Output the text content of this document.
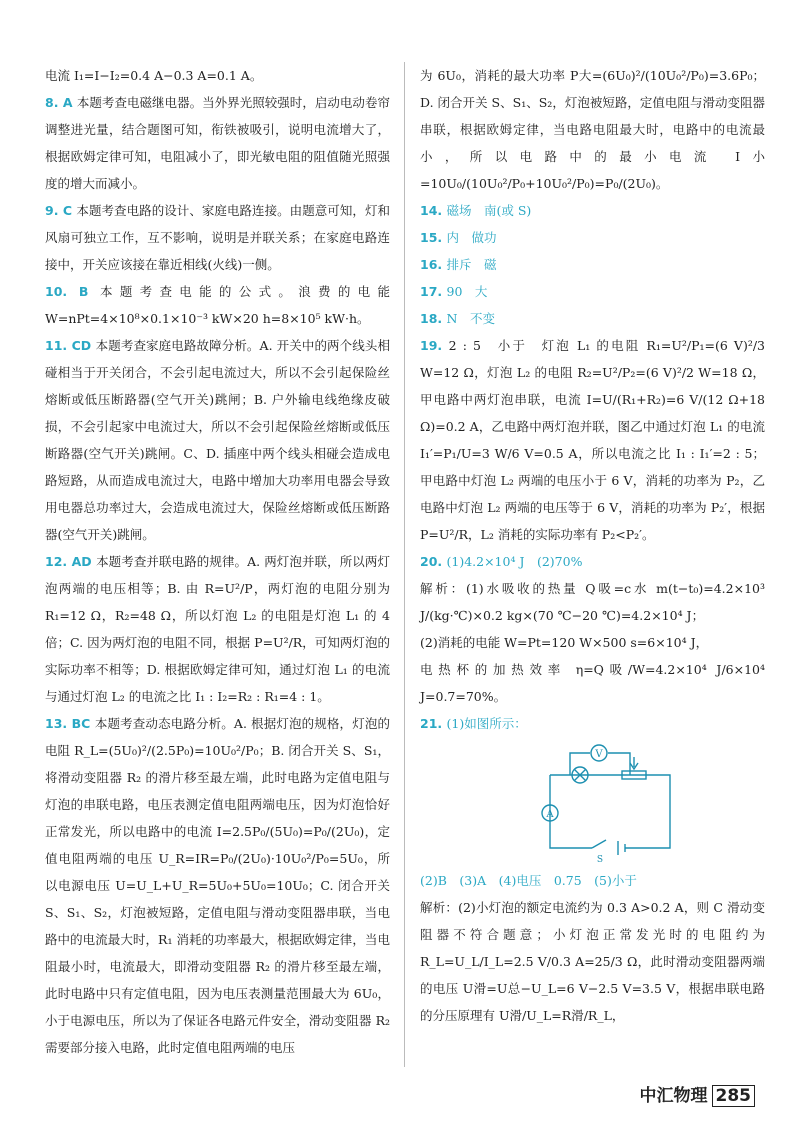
电流 I₁=I−I₂=0.4 A−0.3 A=0.1 A。

8. A 本题考查电磁继电器。当外界光照较强时，启动电动卷帘调整进光量，结合题图可知，衔铁被吸引，说明电流增大了，根据欧姆定律可知，电阻减小了，即光敏电阻的阻值随光照强度的增大而减小。

9. C 本题考查电路的设计、家庭电路连接。由题意可知，灯和风扇可独立工作，互不影响，说明是并联关系；在家庭电路连接中，开关应该接在靠近相线(火线)一侧。

10. B 本题考查电能的公式。浪费的电能 W=nPt=4×10⁸×0.1×10⁻³ kW×20 h=8×10⁵ kW·h。

11. CD 本题考查家庭电路故障分析。A. 开关中的两个线头相碰相当于开关闭合，不会引起电流过大，所以不会引起保险丝熔断或低压断路器(空气开关)跳闸；B. 户外输电线绝缘皮破损，不会引起家中电流过大，所以不会引起保险丝熔断或低压断路器(空气开关)跳闸。C、D. 插座中两个线头相碰会造成电路短路，从而造成电流过大，电路中增加大功率用电器会导致用电器总功率过大，会造成电流过大，保险丝熔断或低压断路器(空气开关)跳闸。

12. AD 本题考查并联电路的规律。A. 两灯泡并联，所以两灯泡两端的电压相等；B. 由 R=U²/P，两灯泡的电阻分别为 R₁=12 Ω，R₂=48 Ω，所以灯泡 L₂ 的电阻是灯泡 L₁ 的 4 倍；C. 因为两灯泡的电阻不同，根据 P=U²/R，可知两灯泡的实际功率不相等；D. 根据欧姆定律可知，通过灯泡 L₁ 的电流与通过灯泡 L₂ 的电流之比 I₁ : I₂=R₂ : R₁=4 : 1。

13. BC 本题考查动态电路分析。A. 根据灯泡的规格，灯泡的电阻 R_L=(5U₀)²/(2.5P₀)=10U₀²/P₀；B. 闭合开关 S、S₁，将滑动变阻器 R₂ 的滑片移至最左端，此时电路为定值电阻与灯泡的串联电路，电压表测定值电阻两端电压，因为灯泡恰好正常发光，所以电路中的电流 I=2.5P₀/(5U₀)=P₀/(2U₀)，定值电阻两端的电压 U_R=IR=P₀/(2U₀)·10U₀²/P₀=5U₀，所以电源电压 U=U_L+U_R=5U₀+5U₀=10U₀；C. 闭合开关 S、S₁、S₂，灯泡被短路，定值电阻与滑动变阻器串联，当电路中的电流最大时，R₁ 消耗的功率最大，根据欧姆定律，当电阻最小时，电流最大，即滑动变阻器 R₂ 的滑片移至最左端，此时电路中只有定值电阻，因为电压表测量范围最大为 6U₀，小于电源电压，所以为了保证各电路元件安全，滑动变阻器 R₂ 需要部分接入电路，此时定值电阻两端的电压

为 6U₀，消耗的最大功率 P大=(6U₀)²/(10U₀²/P₀)=3.6P₀；D. 闭合开关 S、S₁、S₂，灯泡被短路，定值电阻与滑动变阻器串联，根据欧姆定律，当电路电阻最大时，电路中的电流最小，所以电路中的最小电流 I小=10U₀/(10U₀²/P₀+10U₀²/P₀)=P₀/(2U₀)。

14. 磁场　南(或 S)

15. 内　做功

16. 排斥　磁

17. 90　大

18. N　不变

19. 2 : 5　小于　灯泡 L₁ 的电阻 R₁=U²/P₁=(6 V)²/3 W=12 Ω，灯泡 L₂ 的电阻 R₂=U²/P₂=(6 V)²/2 W=18 Ω，甲电路中两灯泡串联，电流 I=U/(R₁+R₂)=6 V/(12 Ω+18 Ω)=0.2 A，乙电路中两灯泡并联，图乙中通过灯泡 L₁ 的电流 I₁′=P₁/U=3 W/6 V=0.5 A，所以电流之比 I₁ : I₁′=2 : 5；甲电路中灯泡 L₂ 两端的电压小于 6 V，消耗的功率为 P₂，乙电路中灯泡 L₂ 两端的电压等于 6 V，消耗的功率为 P₂′，根据 P=U²/R，L₂ 消耗的实际功率有 P₂<P₂′。

20. (1)4.2×10⁴ J　(2)70%

解析：(1)水吸收的热量 Q吸=c水 m(t−t₀)=4.2×10³ J/(kg·℃)×0.2 kg×(70 ℃−20 ℃)=4.2×10⁴ J；

(2)消耗的电能 W=Pt=120 W×500 s=6×10⁴ J，

电热杯的加热效率 η=Q吸/W=4.2×10⁴ J/6×10⁴ J=0.7=70%。

21. (1)如图所示：

V
A
S

(2)B　(3)A　(4)电压　0.75　(5)小于

解析：(2)小灯泡的额定电流约为 0.3 A>0.2 A，则 C 滑动变阻器不符合题意；小灯泡正常发光时的电阻约为 R_L=U_L/I_L=2.5 V/0.3 A=25/3 Ω，此时滑动变阻器两端的电压 U滑=U总−U_L=6 V−2.5 V=3.5 V，根据串联电路的分压原理有 U滑/U_L=R滑/R_L，

中汇物理 285
